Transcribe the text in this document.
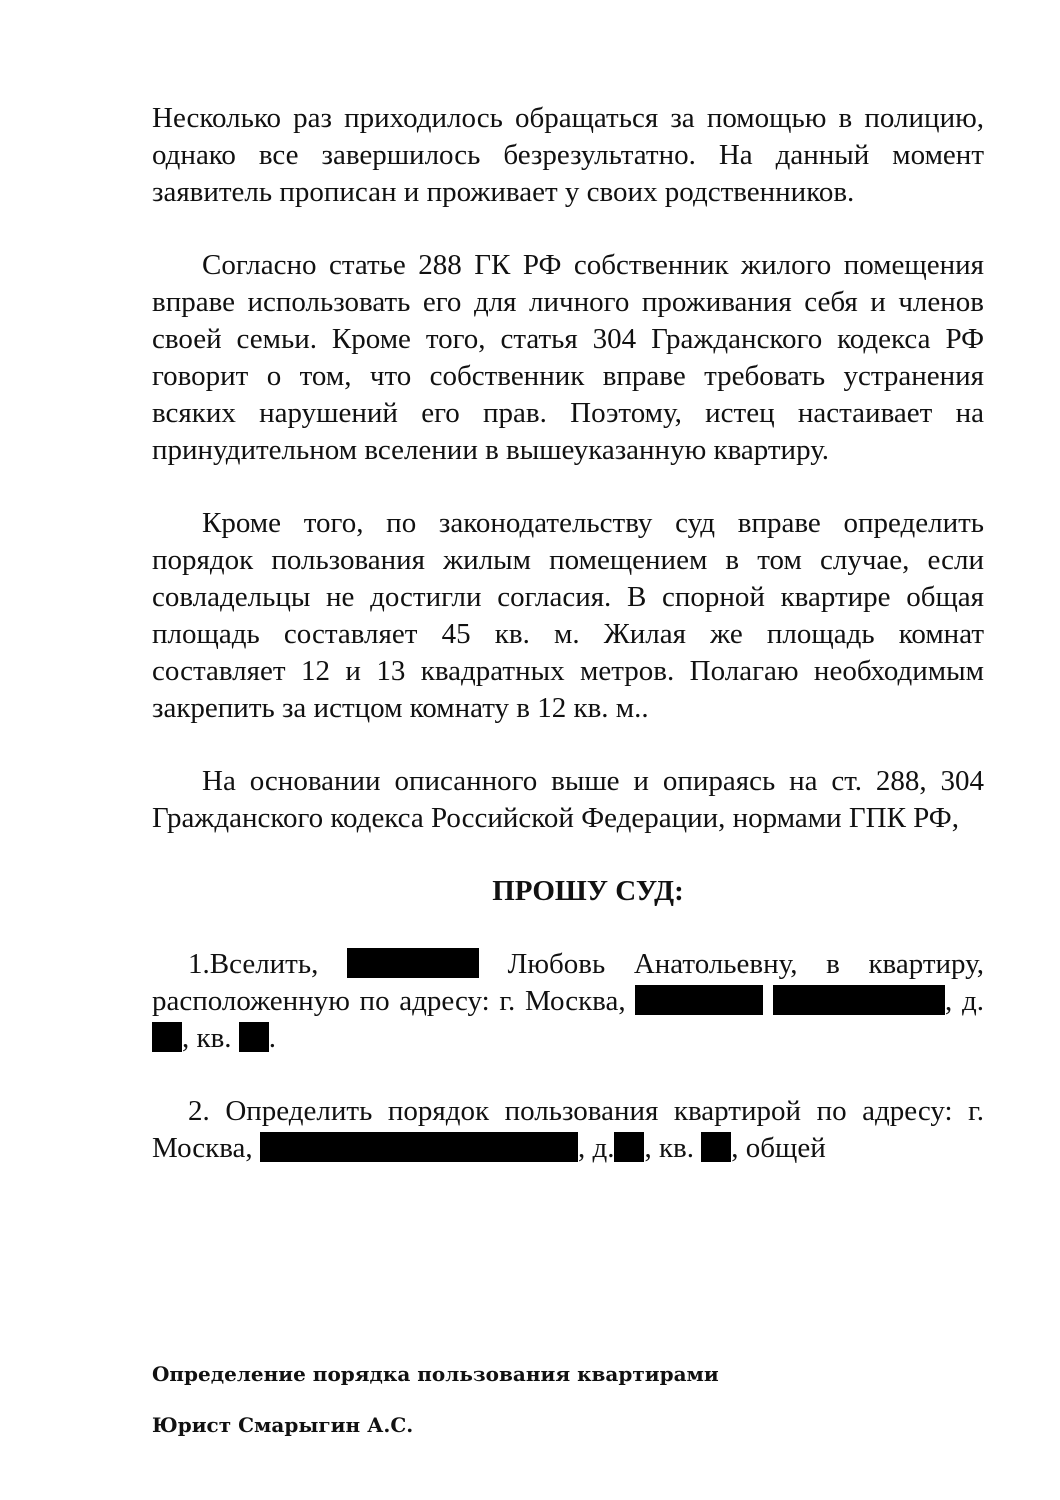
Несколько раз приходилось обращаться за помощью в полицию, однако все завершилось безрезультатно. На данный момент заявитель прописан и проживает у своих родственников.

Согласно статье 288 ГК РФ собственник жилого помещения вправе использовать его для личного проживания себя и членов своей семьи. Кроме того, статья 304 Гражданского кодекса РФ говорит о том, что собственник вправе требовать устранения всяких нарушений его прав. Поэтому, истец настаивает на принудительном вселении в вышеуказанную квартиру.

Кроме того, по законодательству суд вправе определить порядок пользования жилым помещением в том случае, если совладельцы не достигли согласия. В спорной квартире общая площадь составляет 45 кв. м. Жилая же площадь комнат составляет 12 и 13 квадратных метров. Полагаю необходимым закрепить за истцом комнату в 12 кв. м..

На основании описанного выше и опираясь на ст. 288, 304 Гражданского кодекса Российской Федерации, нормами ГПК РФ,

ПРОШУ СУД:

1.Вселить,	Любовь Анатольевну, в квартиру, расположенную по адресу: г. Москва,	, д. , кв. .

2. Определить порядок пользования квартирой по адресу: г. Москва,	, д. , кв. , общей

Определение порядка пользования квартирами
Юрист Смарыгин А.С.
